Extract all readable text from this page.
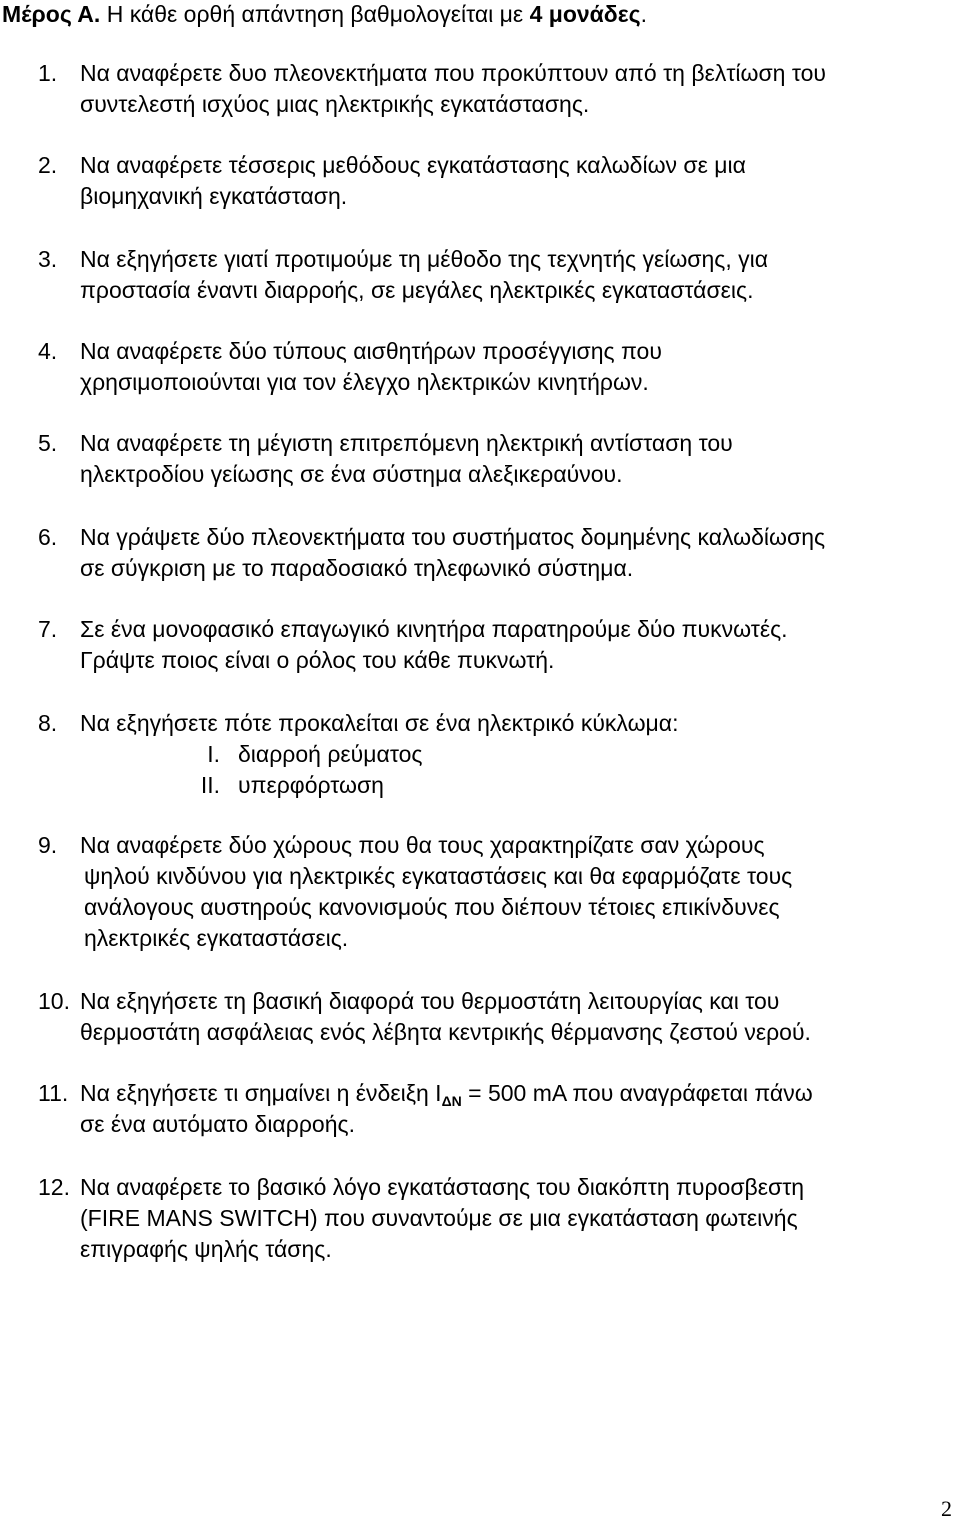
Μέρος Α. Η κάθε ορθή απάντηση βαθμολογείται με 4 μονάδες.
1. Να αναφέρετε δυο πλεονεκτήματα που προκύπτουν από τη βελτίωση του
συντελεστή ισχύος μιας ηλεκτρικής εγκατάστασης.
2. Να αναφέρετε τέσσερις μεθόδους εγκατάστασης καλωδίων σε μια
βιομηχανική εγκατάσταση.
3. Να εξηγήσετε γιατί προτιμούμε τη μέθοδο της τεχνητής γείωσης, για
προστασία έναντι διαρροής, σε μεγάλες ηλεκτρικές εγκαταστάσεις.
4. Να αναφέρετε δύο τύπους αισθητήρων προσέγγισης που
χρησιμοποιούνται για τον έλεγχο ηλεκτρικών κινητήρων.
5. Να αναφέρετε τη μέγιστη επιτρεπόμενη ηλεκτρική αντίσταση του
ηλεκτροδίου γείωσης σε ένα σύστημα αλεξικεραύνου.
6. Να γράψετε δύο πλεονεκτήματα του συστήματος δομημένης καλωδίωσης
σε σύγκριση με το παραδοσιακό τηλεφωνικό σύστημα.
7. Σε ένα μονοφασικό επαγωγικό κινητήρα παρατηρούμε δύο πυκνωτές.
Γράψτε ποιος είναι ο ρόλος του κάθε πυκνωτή.
8. Να εξηγήσετε πότε προκαλείται σε ένα ηλεκτρικό κύκλωμα:
I. διαρροή ρεύματος
II. υπερφόρτωση
9. Να αναφέρετε δύο χώρους που θα τους χαρακτηρίζατε σαν χώρους
ψηλού κινδύνου για ηλεκτρικές εγκαταστάσεις και θα εφαρμόζατε τους
ανάλογους αυστηρούς κανονισμούς που διέπουν τέτοιες επικίνδυνες
ηλεκτρικές εγκαταστάσεις.
10. Να εξηγήσετε τη βασική διαφορά του θερμοστάτη λειτουργίας και του
θερμοστάτη ασφάλειας ενός λέβητα κεντρικής θέρμανσης ζεστού νερού.
11. Να εξηγήσετε τι σημαίνει η ένδειξη $I_{\Delta N} = 500$ mA που αναγράφεται πάνω
σε ένα αυτόματο διαρροής.
12. Να αναφέρετε το βασικό λόγο εγκατάστασης του διακόπτη πυροσβεστη
(FIRE MANS SWITCH) που συναντούμε σε μια εγκατάσταση φωτεινής
επιγραφής ψηλής τάσης.
2
